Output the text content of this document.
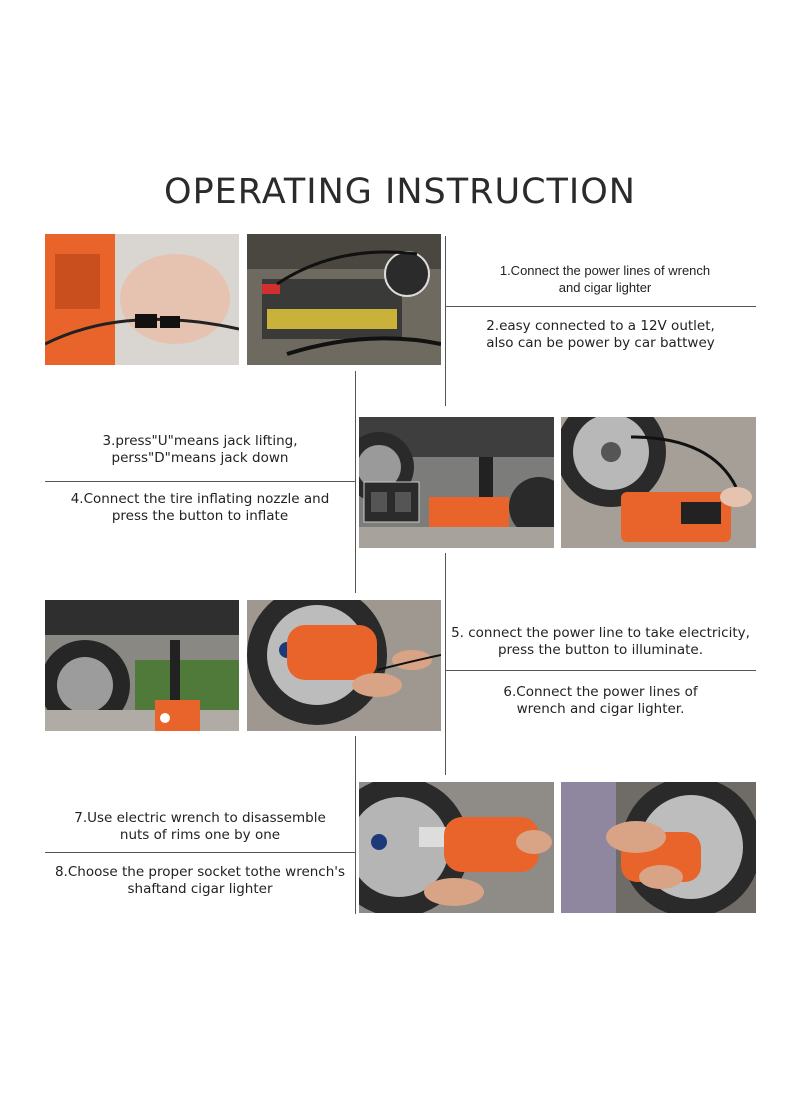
OPERATING INSTRUCTION
1.Connect the power lines of wrench
and cigar lighter
2.easy connected to a 12V outlet,
also can be power by car battwey
3.press"U"means jack lifting,
perss"D"means jack down
4.Connect the tire inflating nozzle and
press the button to inflate
5. connect the power line to take electricity,
press the button to illuminate.
6.Connect the power lines of
wrench and cigar lighter.
7.Use electric wrench to disassemble
nuts of rims one by one
8.Choose the proper socket tothe wrench's
shaftand cigar lighter
